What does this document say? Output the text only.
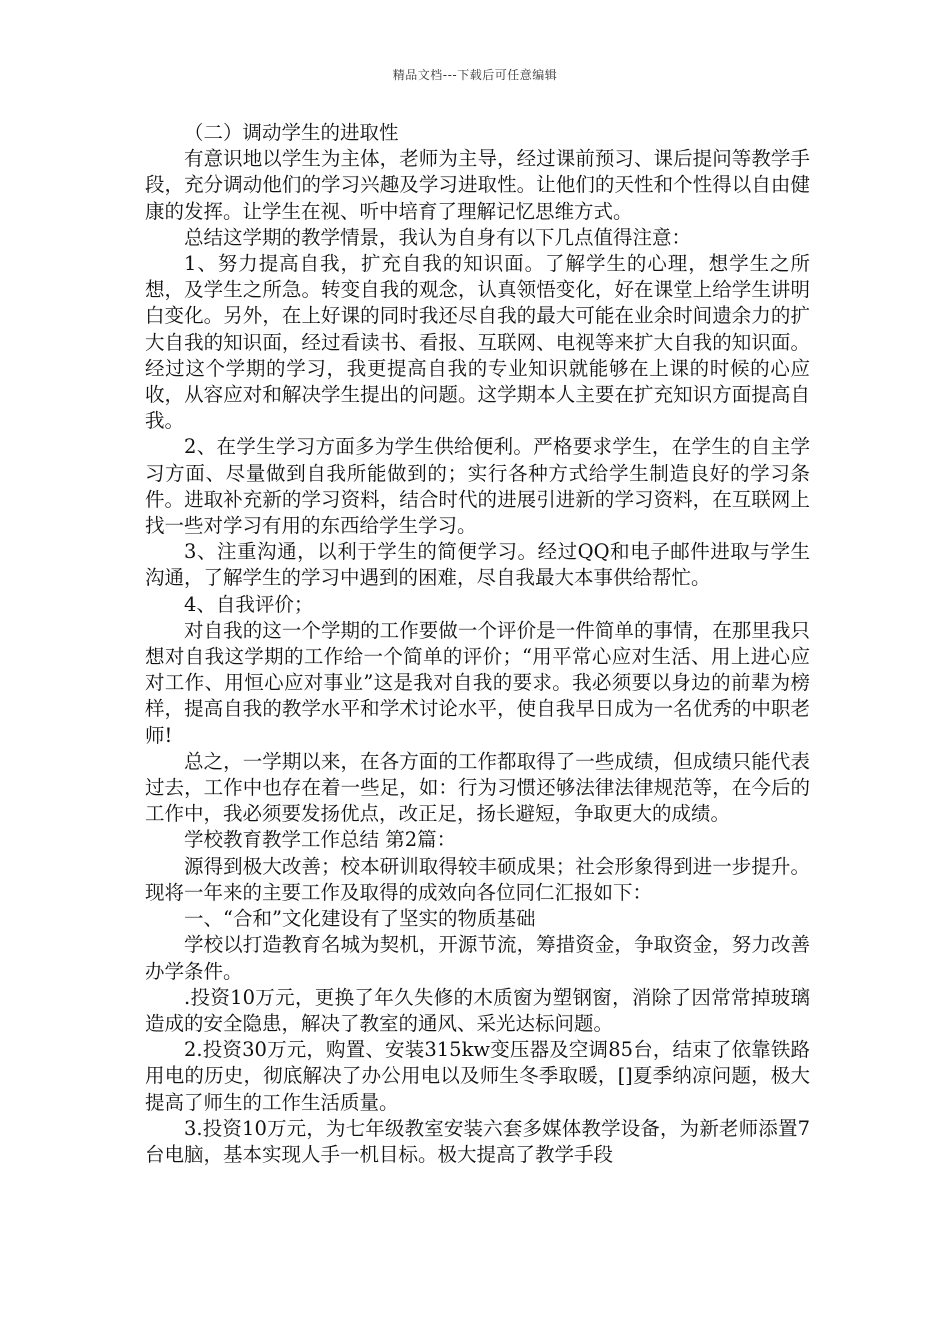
精品文档---下载后可任意编辑

（二）调动学生的进取性

有意识地以学生为主体，老师为主导，经过课前预习、课后提问等教学手段，充分调动他们的学习兴趣及学习进取性。让他们的天性和个性得以自由健康的发挥。让学生在视、听中培育了理解记忆思维方式。

总结这学期的教学情景，我认为自身有以下几点值得注意：

1、努力提高自我，扩充自我的知识面。了解学生的心理，想学生之所想，及学生之所急。转变自我的观念，认真领悟变化，好在课堂上给学生讲明白变化。另外，在上好课的同时我还尽自我的最大可能在业余时间遗余力的扩大自我的知识面，经过看读书、看报、互联网、电视等来扩大自我的知识面。经过这个学期的学习，我更提高自我的专业知识就能够在上课的时候的心应收，从容应对和解决学生提出的问题。这学期本人主要在扩充知识方面提高自我。

2、在学生学习方面多为学生供给便利。严格要求学生，在学生的自主学习方面、尽量做到自我所能做到的；实行各种方式给学生制造良好的学习条件。进取补充新的学习资料，结合时代的进展引进新的学习资料，在互联网上找一些对学习有用的东西给学生学习。

3、注重沟通，以利于学生的简便学习。经过QQ和电子邮件进取与学生沟通，了解学生的学习中遇到的困难，尽自我最大本事供给帮忙。

4、自我评价；

对自我的这一个学期的工作要做一个评价是一件简单的事情，在那里我只想对自我这学期的工作给一个简单的评价；“用平常心应对生活、用上进心应对工作、用恒心应对事业”这是我对自我的要求。我必须要以身边的前辈为榜样，提高自我的教学水平和学术讨论水平，使自我早日成为一名优秀的中职老师!

总之，一学期以来，在各方面的工作都取得了一些成绩，但成绩只能代表过去，工作中也存在着一些足，如：行为习惯还够法律法律规范等，在今后的工作中，我必须要发扬优点，改正足，扬长避短，争取更大的成绩。

学校教育教学工作总结 第2篇：

源得到极大改善；校本研训取得较丰硕成果；社会形象得到进一步提升。现将一年来的主要工作及取得的成效向各位同仁汇报如下：

一、“合和”文化建设有了坚实的物质基础

学校以打造教育名城为契机，开源节流，筹措资金，争取资金，努力改善办学条件。

.投资10万元，更换了年久失修的木质窗为塑钢窗，消除了因常常掉玻璃造成的安全隐患，解决了教室的通风、采光达标问题。

2.投资30万元，购置、安装315kw变压器及空调85台，结束了依靠铁路用电的历史，彻底解决了办公用电以及师生冬季取暖，[]夏季纳凉问题，极大提高了师生的工作生活质量。

3.投资10万元，为七年级教室安装六套多媒体教学设备，为新老师添置7台电脑，基本实现人手一机目标。极大提高了教学手段
